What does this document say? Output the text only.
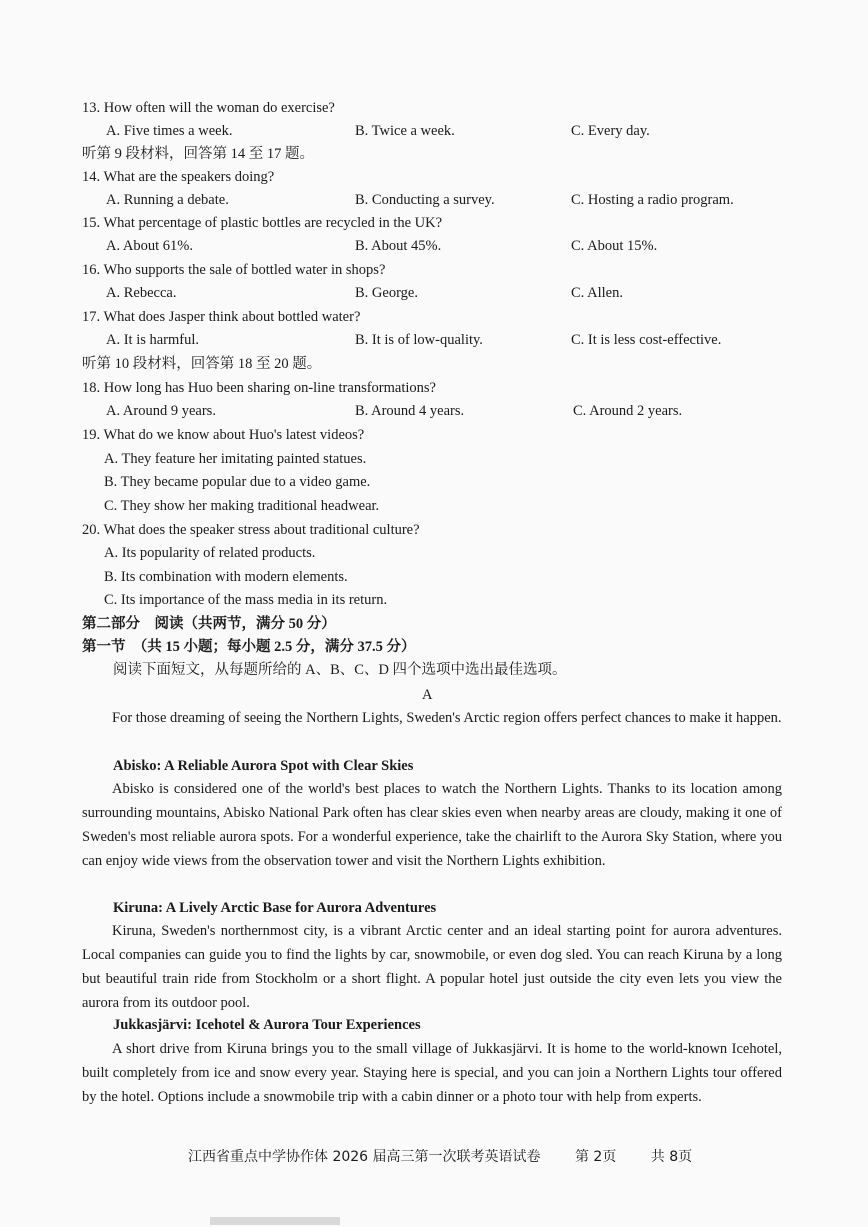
13. How often will the woman do exercise?
A. Five times a week.	B. Twice a week.	C. Every day.
听第 9 段材料，回答第 14 至 17 题。
14. What are the speakers doing?
A. Running a debate.	B. Conducting a survey.	C. Hosting a radio program.
15. What percentage of plastic bottles are recycled in the UK?
A. About 61%.	B. About 45%.	C. About 15%.
16. Who supports the sale of bottled water in shops?
A. Rebecca.	B. George.	C. Allen.
17. What does Jasper think about bottled water?
A. It is harmful.	B. It is of low-quality.	C. It is less cost-effective.
听第 10 段材料，回答第 18 至 20 题。
18. How long has Huo been sharing on-line transformations?
A. Around 9 years.	B. Around 4 years.	C. Around 2 years.
19. What do we know about Huo's latest videos?
A. They feature her imitating painted statues.
B. They became popular due to a video game.
C. They show her making traditional headwear.
20. What does the speaker stress about traditional culture?
A. Its popularity of related products.
B. Its combination with modern elements.
C. Its importance of the mass media in its return.
第二部分　阅读（共两节，满分 50 分）
第一节　（共 15 小题；每小题 2.5 分，满分 37.5 分）
阅读下面短文，从每题所给的 A、B、C、D 四个选项中选出最佳选项。
A
For those dreaming of seeing the Northern Lights, Sweden's Arctic region offers perfect chances to make it happen.
Abisko: A Reliable Aurora Spot with Clear Skies
Abisko is considered one of the world's best places to watch the Northern Lights. Thanks to its location among surrounding mountains, Abisko National Park often has clear skies even when nearby areas are cloudy, making it one of Sweden's most reliable aurora spots. For a wonderful experience, take the chairlift to the Aurora Sky Station, where you can enjoy wide views from the observation tower and visit the Northern Lights exhibition.
Kiruna: A Lively Arctic Base for Aurora Adventures
Kiruna, Sweden's northernmost city, is a vibrant Arctic center and an ideal starting point for aurora adventures. Local companies can guide you to find the lights by car, snowmobile, or even dog sled. You can reach Kiruna by a long but beautiful train ride from Stockholm or a short flight. A popular hotel just outside the city even lets you view the aurora from its outdoor pool.
Jukkasjärvi: Icehotel & Aurora Tour Experiences
A short drive from Kiruna brings you to the small village of Jukkasjärvi. It is home to the world-known Icehotel, built completely from ice and snow every year. Staying here is special, and you can join a Northern Lights tour offered by the hotel. Options include a snowmobile trip with a cabin dinner or a photo tour with help from experts.
江西省重点中学协作体 2026 届高三第一次联考英语试卷 第 2页 共 8页
